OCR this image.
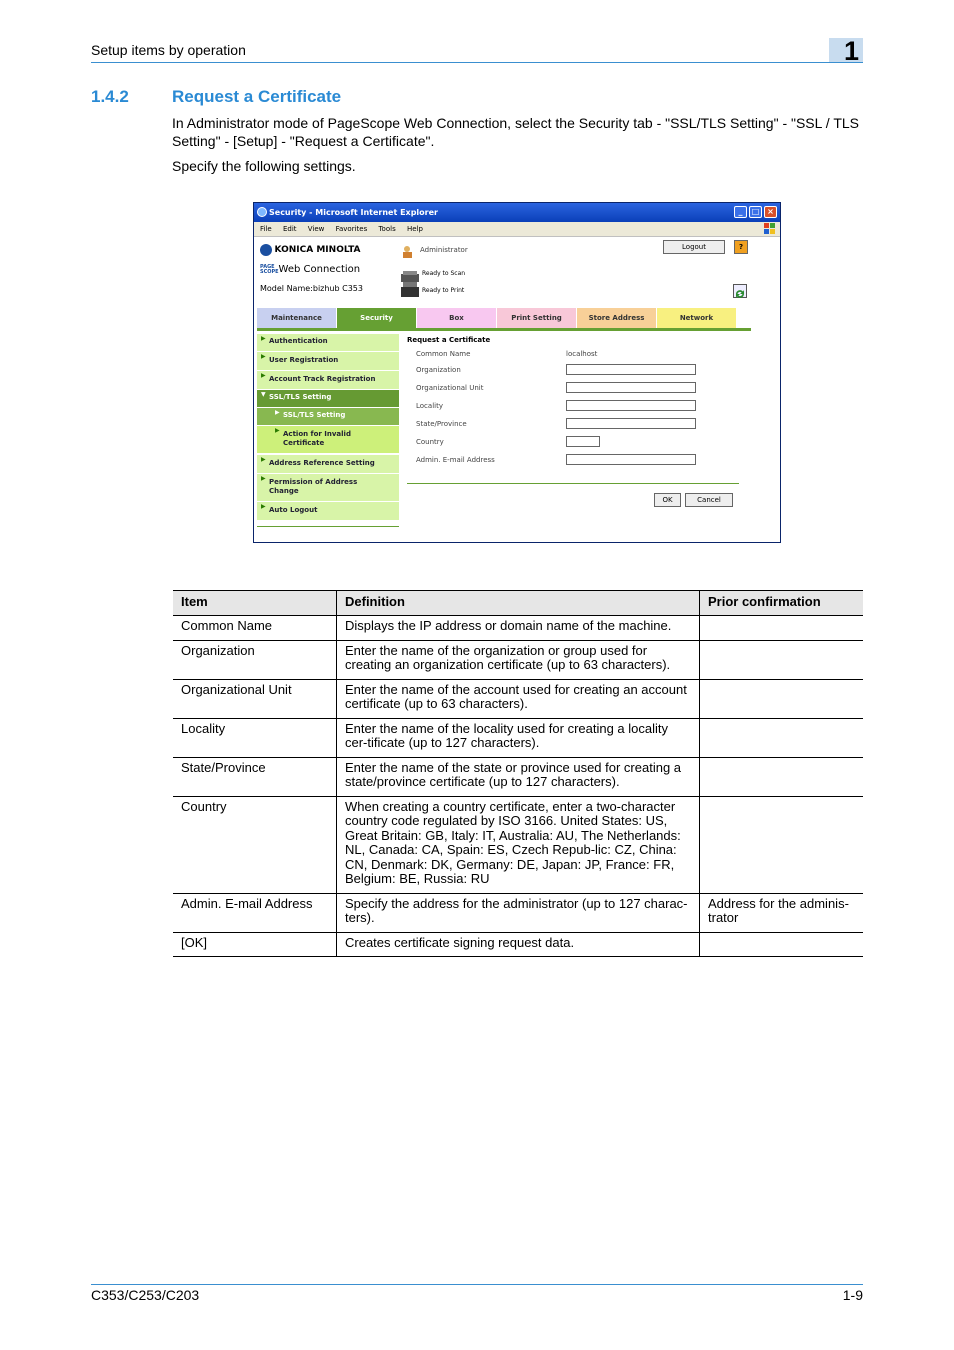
Setup items by operation	1
1.4.2	Request a Certificate
In Administrator mode of PageScope Web Connection, select the Security tab - "SSL/TLS Setting" - "SSL / TLS Setting" - [Setup] - "Request a Certificate".
Specify the following settings.
Security - Microsoft Internet Explorer	_	□ ×
File Edit View Favorites Tools Help
KONICA MINOLTA
PAGE SCOPE Web Connection
Model Name:bizhub C353
Administrator	Logout	?
Ready to Scan
Ready to Print
Maintenance	Security	Box	Print Setting	Store Address	Network
▶ Authentication
▶ User Registration
▶ Account Track Registration
▼ SSL/TLS Setting
▶ SSL/TLS Setting
▶ Action for Invalid Certificate
▶ Address Reference Setting
▶ Permission of Address Change
▶ Auto Logout
Request a Certificate
Common Name	localhost
Organization
Organizational Unit
Locality
State/Province
Country
Admin. E-mail Address
OK	Cancel
Item	Definition	Prior confirmation
Common Name	Displays the IP address or domain name of the machine.	
Organization	Enter the name of the organization or group used for creating an organization certificate (up to 63 characters).	
Organizational Unit	Enter the name of the account used for creating an account certificate (up to 63 characters).	
Locality	Enter the name of the locality used for creating a locality cer-tificate (up to 127 characters).	
State/Province	Enter the name of the state or province used for creating a state/province certificate (up to 127 characters).	
Country	When creating a country certificate, enter a two-character country code regulated by ISO 3166. United States: US, Great Britain: GB, Italy: IT, Australia: AU, The Netherlands: NL, Canada: CA, Spain: ES, Czech Repub-lic: CZ, China: CN, Denmark: DK, Germany: DE, Japan: JP, France: FR, Belgium: BE, Russia: RU	
Admin. E-mail Address	Specify the address for the administrator (up to 127 charac-ters).	Address for the adminis-trator
[OK]	Creates certificate signing request data.	
C353/C253/C203	1-9
